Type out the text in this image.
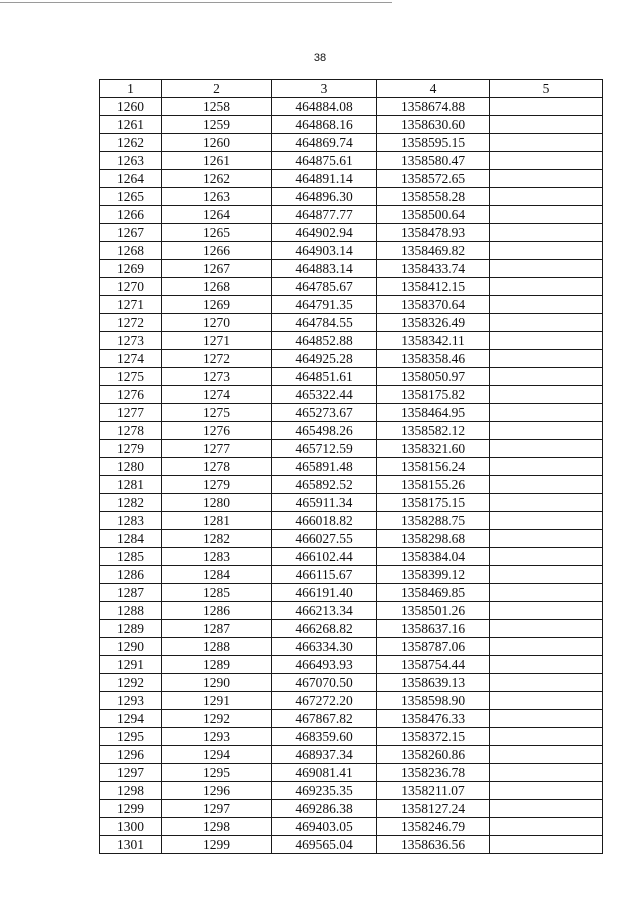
38
1	2	3	4	5
1260	1258	464884.08	1358674.88	
1261	1259	464868.16	1358630.60	
1262	1260	464869.74	1358595.15	
1263	1261	464875.61	1358580.47	
1264	1262	464891.14	1358572.65	
1265	1263	464896.30	1358558.28	
1266	1264	464877.77	1358500.64	
1267	1265	464902.94	1358478.93	
1268	1266	464903.14	1358469.82	
1269	1267	464883.14	1358433.74	
1270	1268	464785.67	1358412.15	
1271	1269	464791.35	1358370.64	
1272	1270	464784.55	1358326.49	
1273	1271	464852.88	1358342.11	
1274	1272	464925.28	1358358.46	
1275	1273	464851.61	1358050.97	
1276	1274	465322.44	1358175.82	
1277	1275	465273.67	1358464.95	
1278	1276	465498.26	1358582.12	
1279	1277	465712.59	1358321.60	
1280	1278	465891.48	1358156.24	
1281	1279	465892.52	1358155.26	
1282	1280	465911.34	1358175.15	
1283	1281	466018.82	1358288.75	
1284	1282	466027.55	1358298.68	
1285	1283	466102.44	1358384.04	
1286	1284	466115.67	1358399.12	
1287	1285	466191.40	1358469.85	
1288	1286	466213.34	1358501.26	
1289	1287	466268.82	1358637.16	
1290	1288	466334.30	1358787.06	
1291	1289	466493.93	1358754.44	
1292	1290	467070.50	1358639.13	
1293	1291	467272.20	1358598.90	
1294	1292	467867.82	1358476.33	
1295	1293	468359.60	1358372.15	
1296	1294	468937.34	1358260.86	
1297	1295	469081.41	1358236.78	
1298	1296	469235.35	1358211.07	
1299	1297	469286.38	1358127.24	
1300	1298	469403.05	1358246.79	
1301	1299	469565.04	1358636.56	
